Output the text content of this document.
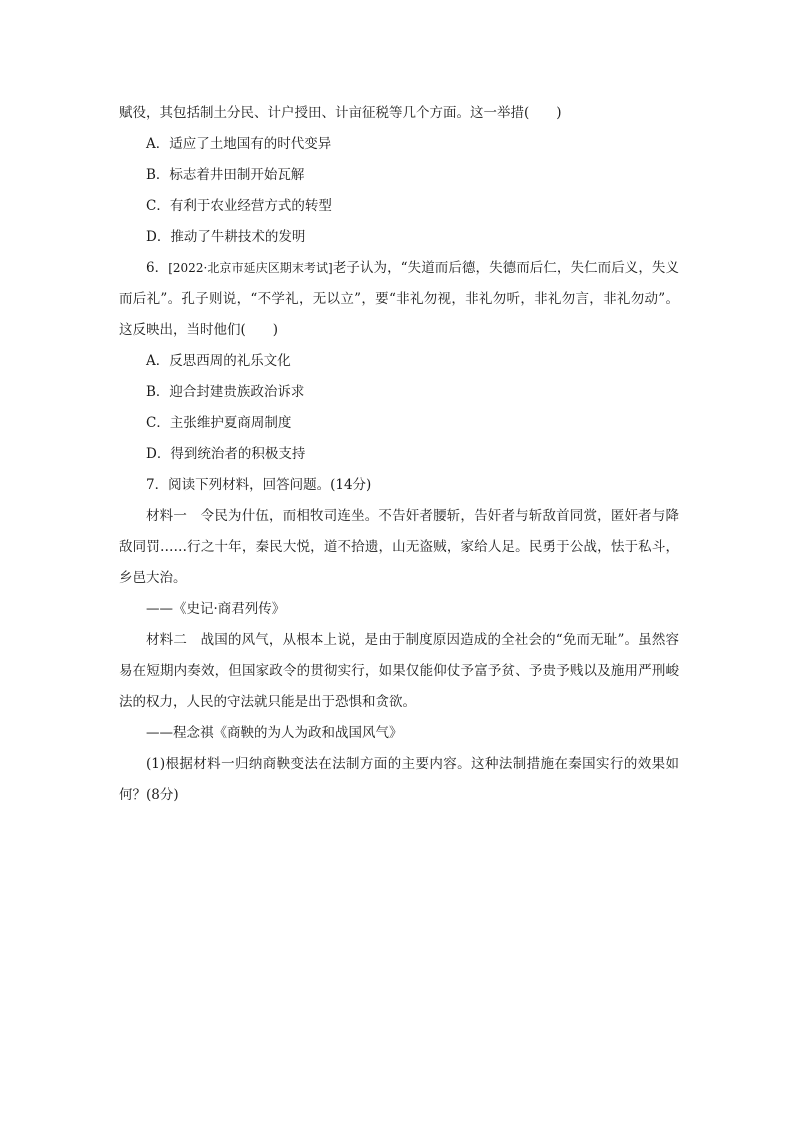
赋役，其包括制土分民、计户授田、计亩征税等几个方面。这一举措(　　)

A．适应了土地国有的时代变异

B．标志着井田制开始瓦解

C．有利于农业经营方式的转型

D．推动了牛耕技术的发明

6．[2022·北京市延庆区期末考试]老子认为，“失道而后德，失德而后仁，失仁而后义，失义而后礼”。孔子则说，“不学礼，无以立”，要“非礼勿视，非礼勿听，非礼勿言，非礼勿动”。这反映出，当时他们(　　)

A．反思西周的礼乐文化

B．迎合封建贵族政治诉求

C．主张维护夏商周制度

D．得到统治者的积极支持

7．阅读下列材料，回答问题。(14分)

材料一　令民为什伍，而相牧司连坐。不告奸者腰斩，告奸者与斩敌首同赏，匿奸者与降敌同罚……行之十年，秦民大悦，道不拾遗，山无盗贼，家给人足。民勇于公战，怯于私斗，乡邑大治。

——《史记·商君列传》

材料二　战国的风气，从根本上说，是由于制度原因造成的全社会的“免而无耻”。虽然容易在短期内奏效，但国家政令的贯彻实行，如果仅能仰仗予富予贫、予贵予贱以及施用严刑峻法的权力，人民的守法就只能是出于恐惧和贪欲。

——程念祺《商鞅的为人为政和战国风气》

(1)根据材料一归纳商鞅变法在法制方面的主要内容。这种法制措施在秦国实行的效果如何？(8分)
